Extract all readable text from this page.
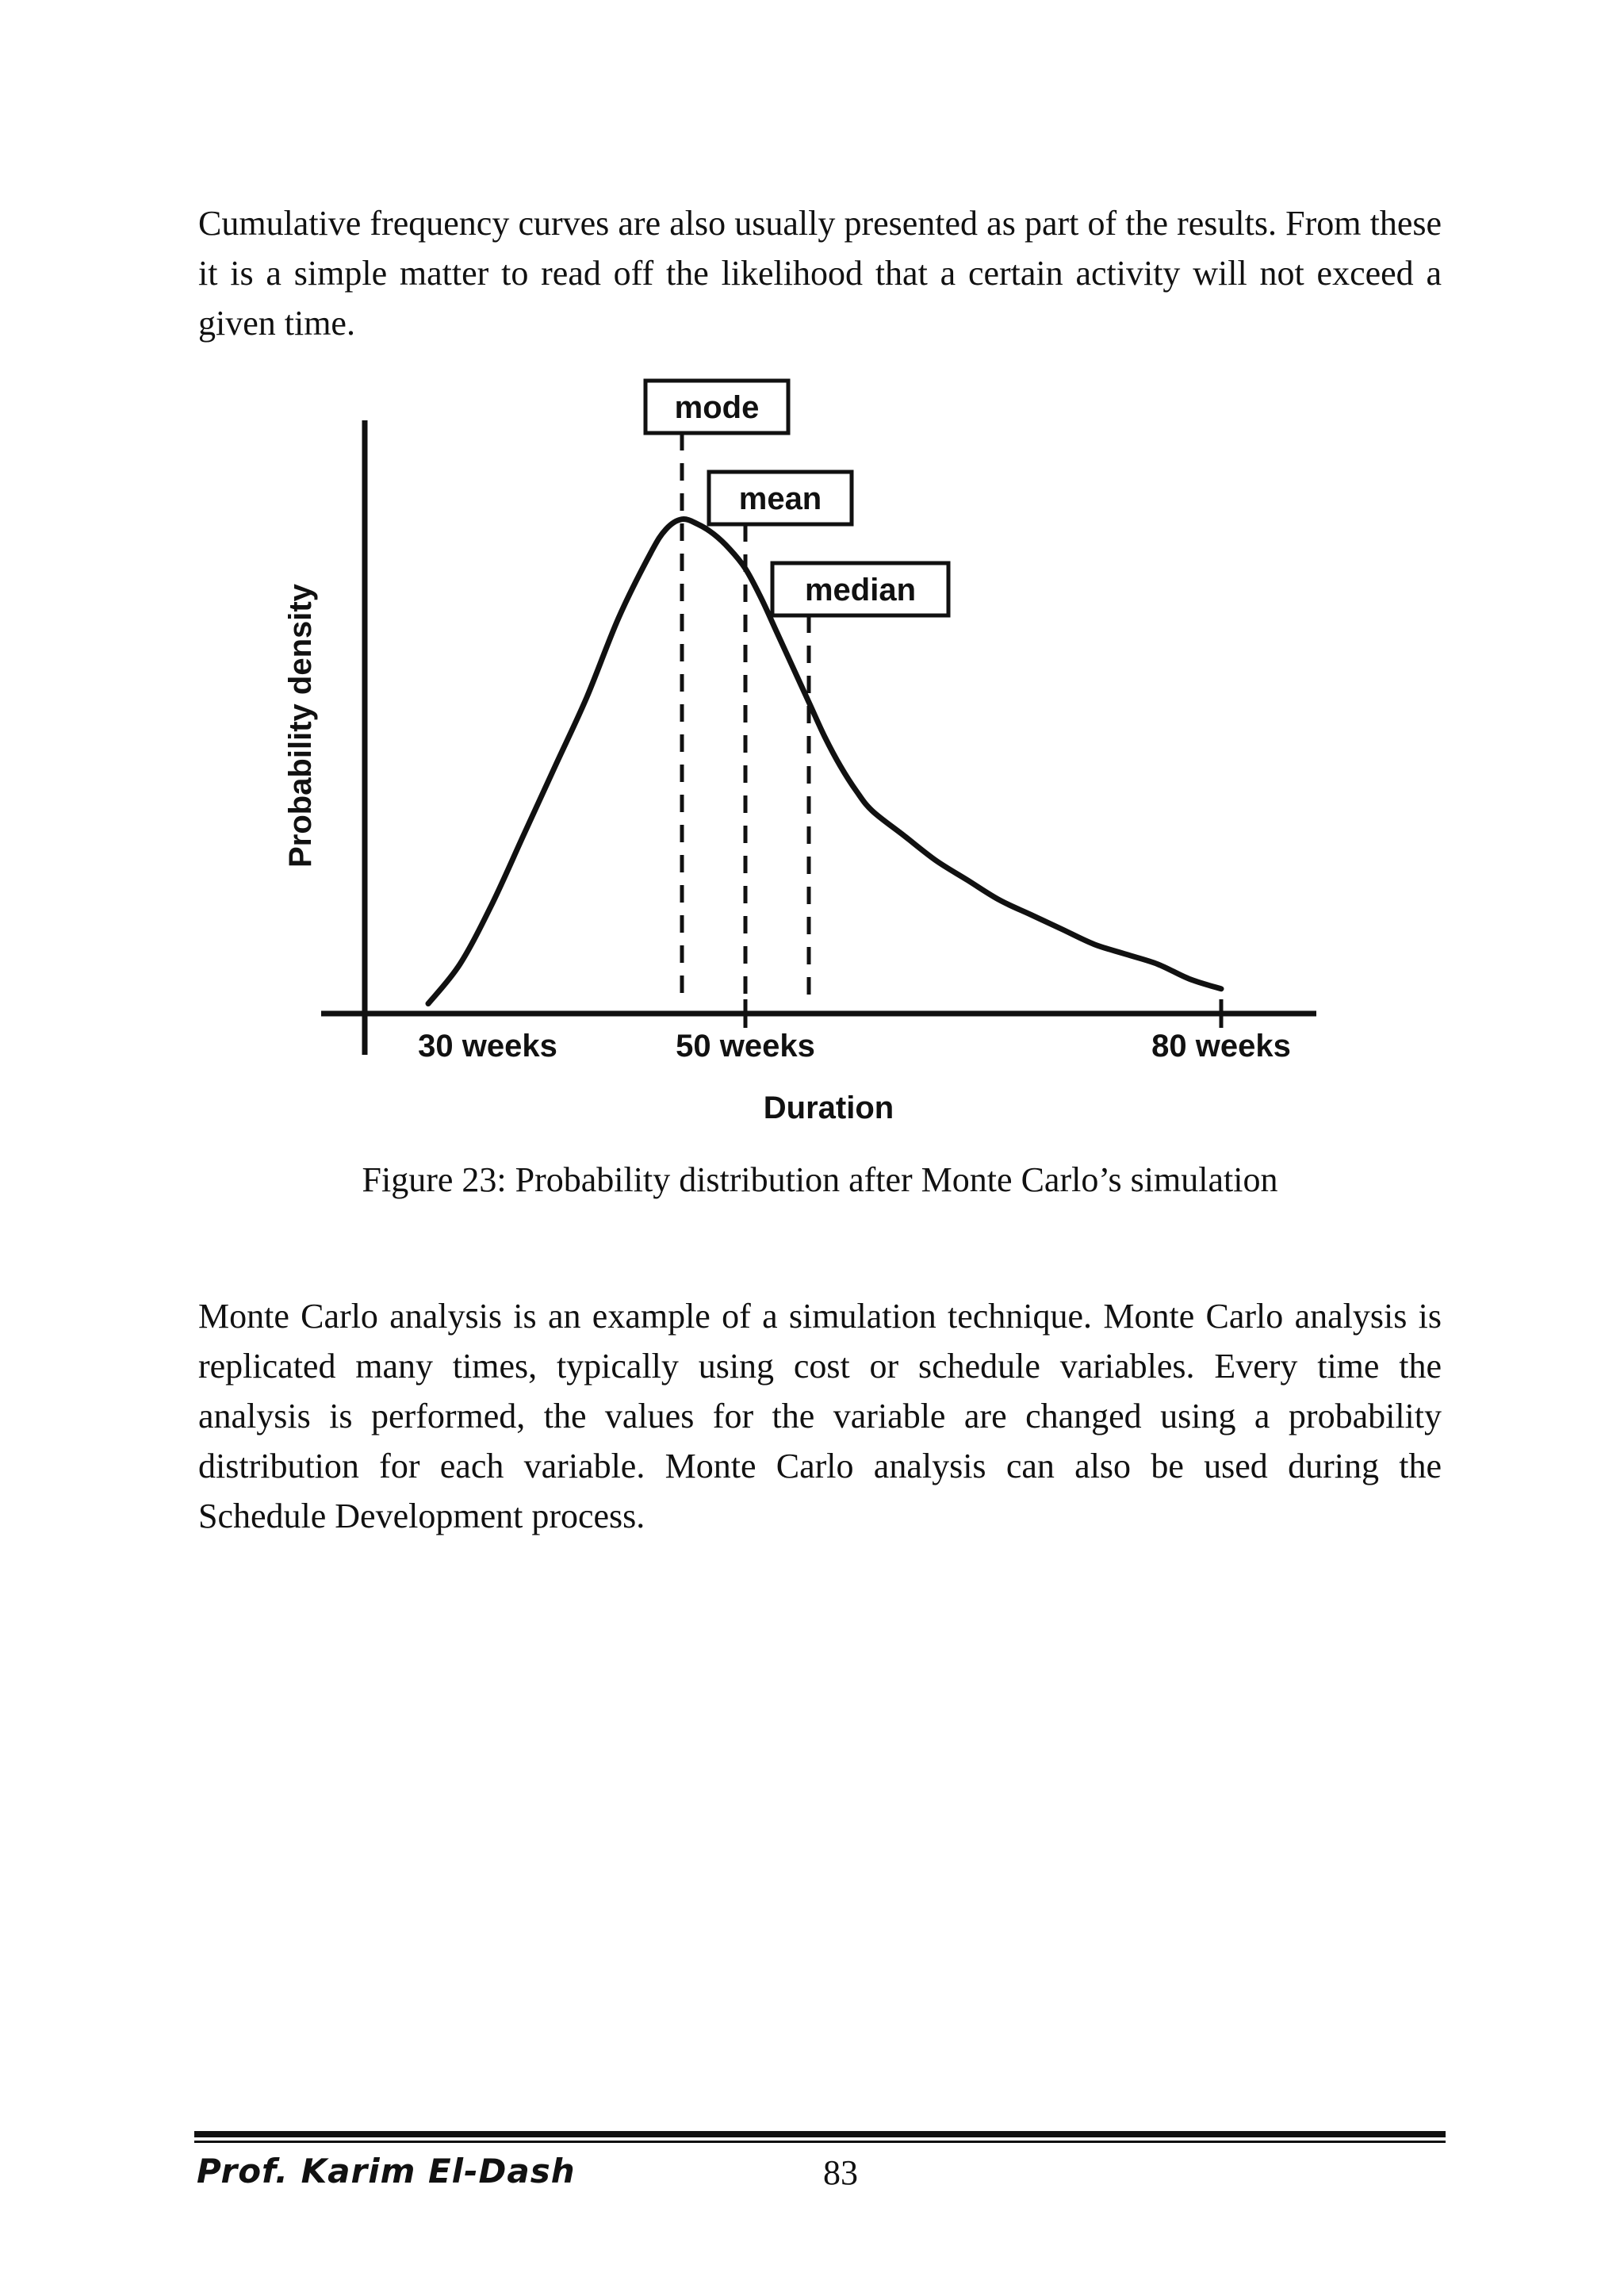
Cumulative frequency curves are also usually presented as part of the results. From these it is a simple matter to read off the likelihood that a certain activity will not exceed a given time.

mode
mean
median
30 weeks	50 weeks	80 weeks
Duration
Probability density

Figure 23: Probability distribution after Monte Carlo’s simulation

Monte Carlo analysis is an example of a simulation technique. Monte Carlo analysis is replicated many times, typically using cost or schedule variables. Every time the analysis is performed, the values for the variable are changed using a probability distribution for each variable. Monte Carlo analysis can also be used during the Schedule Development process.

Prof. Karim El-Dash	83
